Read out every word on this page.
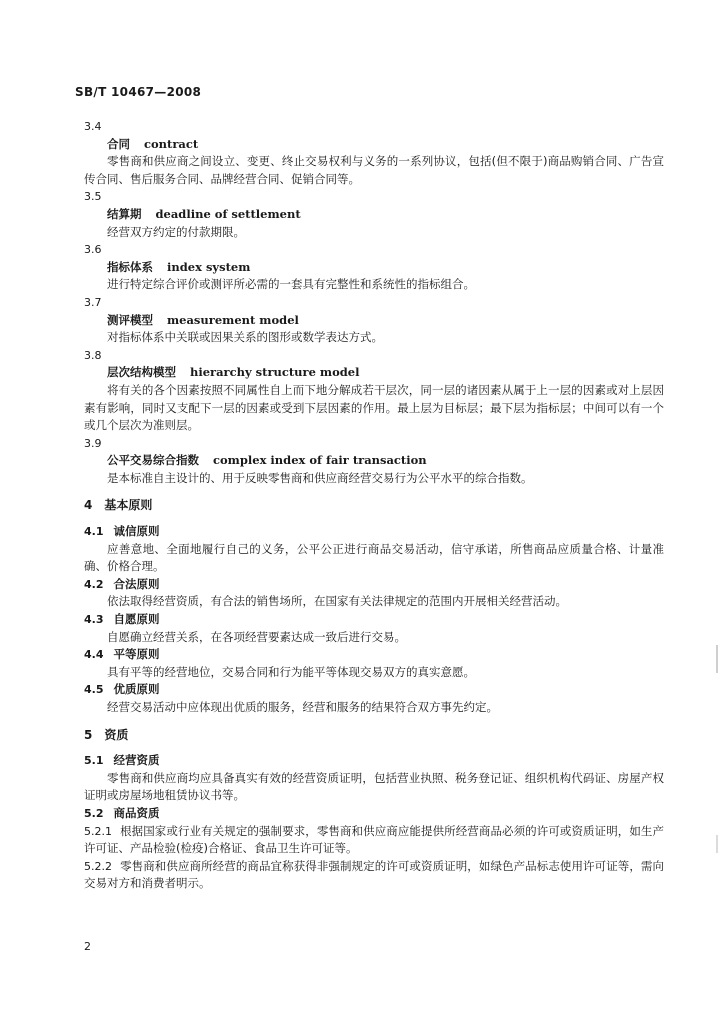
SB/T 10467—2008

3.4

合同 contract

零售商和供应商之间设立、变更、终止交易权利与义务的一系列协议，包括(但不限于)商品购销合同、广告宣传合同、售后服务合同、品牌经营合同、促销合同等。

3.5

结算期 deadline of settlement

经营双方约定的付款期限。

3.6

指标体系 index system

进行特定综合评价或测评所必需的一套具有完整性和系统性的指标组合。

3.7

测评模型 measurement model

对指标体系中关联或因果关系的图形或数学表达方式。

3.8

层次结构模型 hierarchy structure model

将有关的各个因素按照不同属性自上而下地分解成若干层次，同一层的诸因素从属于上一层的因素或对上层因素有影响，同时又支配下一层的因素或受到下层因素的作用。最上层为目标层；最下层为指标层；中间可以有一个或几个层次为准则层。

3.9

公平交易综合指数 complex index of fair transaction

是本标准自主设计的、用于反映零售商和供应商经营交易行为公平水平的综合指数。

4 基本原则

4.1 诚信原则

应善意地、全面地履行自己的义务，公平公正进行商品交易活动，信守承诺，所售商品应质量合格、计量准确、价格合理。

4.2 合法原则

依法取得经营资质，有合法的销售场所，在国家有关法律规定的范围内开展相关经营活动。

4.3 自愿原则

自愿确立经营关系，在各项经营要素达成一致后进行交易。

4.4 平等原则

具有平等的经营地位，交易合同和行为能平等体现交易双方的真实意愿。

4.5 优质原则

经营交易活动中应体现出优质的服务，经营和服务的结果符合双方事先约定。

5 资质

5.1 经营资质

零售商和供应商均应具备真实有效的经营资质证明，包括营业执照、税务登记证、组织机构代码证、房屋产权证明或房屋场地租赁协议书等。

5.2 商品资质

5.2.1 根据国家或行业有关规定的强制要求，零售商和供应商应能提供所经营商品必须的许可或资质证明，如生产许可证、产品检验(检疫)合格证、食品卫生许可证等。

5.2.2 零售商和供应商所经营的商品宜称获得非强制规定的许可或资质证明，如绿色产品标志使用许可证等，需向交易对方和消费者明示。

2
